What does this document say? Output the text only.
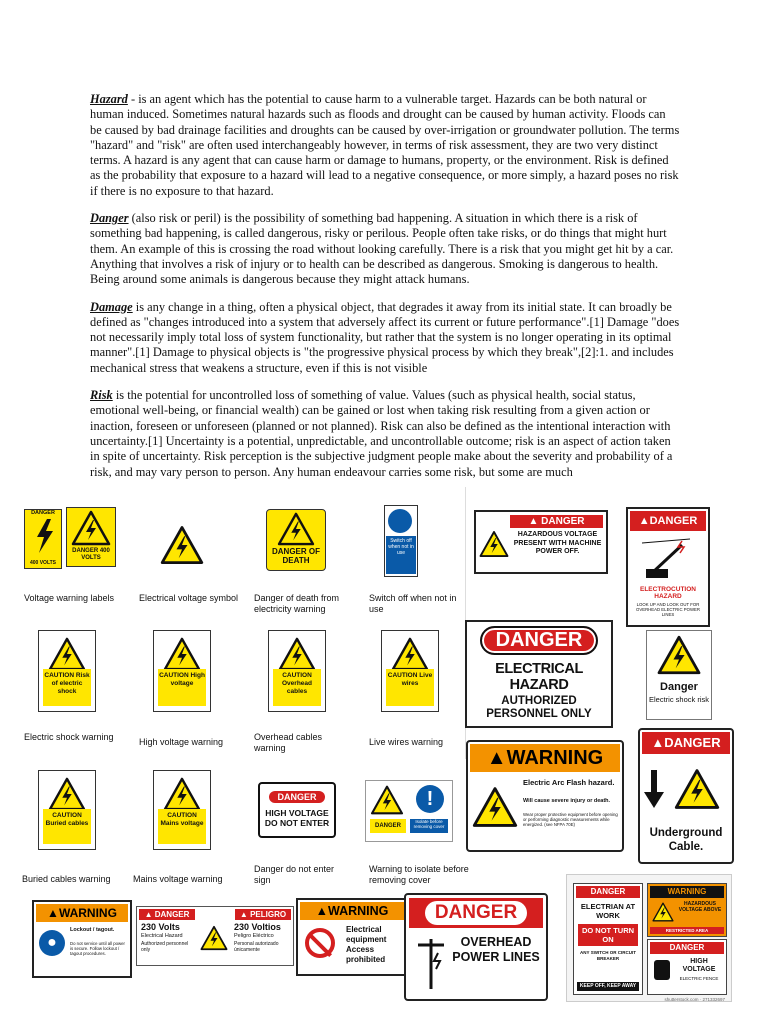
Hazard - is an agent which has the potential to cause harm to a vulnerable target. Hazards can be both natural or human induced. Sometimes natural hazards such as floods and drought can be caused by human activity. Floods can be caused by bad drainage facilities and droughts can be caused by over-irrigation or groundwater pollution. The terms "hazard" and "risk" are often used interchangeably however, in terms of risk assessment, they are two very distinct terms. A hazard is any agent that can cause harm or damage to humans, property, or the environment. Risk is defined as the probability that exposure to a hazard will lead to a negative consequence, or more simply, a hazard poses no risk if there is no exposure to that hazard.

Danger (also risk or peril) is the possibility of something bad happening. A situation in which there is a risk of something bad happening, is called dangerous, risky or perilous. People often take risks, or do things that might hurt them. An example of this is crossing the road without looking carefully. There is a risk that you might get hit by a car. Anything that involves a risk of injury or to health can be described as dangerous. Smoking is dangerous to health. Being around some animals is dangerous because they might attack humans.

Damage is any change in a thing, often a physical object, that degrades it away from its initial state. It can broadly be defined as "changes introduced into a system that adversely affect its current or future performance".[1] Damage "does not necessarily imply total loss of system functionality, but rather that the system is no longer operating in its optimal manner".[1] Damage to physical objects is "the progressive physical process by which they break",[2]:1. and includes mechanical stress that weakens a structure, even if this is not visible

Risk is the potential for uncontrolled loss of something of value. Values (such as physical health, social status, emotional well-being, or financial wealth) can be gained or lost when taking risk resulting from a given action or inaction, foreseen or unforeseen (planned or not planned). Risk can also be defined as the intentional interaction with uncertainty.[1] Uncertainty is a potential, unpredictable, and uncontrollable outcome; risk is an aspect of action taken in spite of uncertainty. Risk perception is the subjective judgment people make about the severity and probability of a risk, and may vary person to person. Any human endeavour carries some risk, but some are much

DANGER
400 VOLTS
DANGER 400 VOLTS
Voltage warning labels	Electrical voltage symbol
DANGER OF DEATH
Danger of death from electricity warning
Switch off when not in use
Switch off when not in use
CAUTION Risk of electric shock
Electric shock warning
CAUTION High voltage
High voltage warning
CAUTION Overhead cables
Overhead cables warning
CAUTION Live wires
Live wires warning
CAUTION Buried cables
Buried cables warning
CAUTION Mains voltage
Mains voltage warning
DANGER
HIGH VOLTAGE
DO NOT ENTER
Danger do not enter sign
!
DANGER
Isolate before removing cover
Warning to isolate before removing cover
▲ DANGER
HAZARDOUS VOLTAGE PRESENT WITH MACHINE POWER OFF.
▲DANGER
ELECTROCUTION HAZARD
LOOK UP AND LOOK OUT FOR OVERHEAD ELECTRIC POWER LINES
DANGER
ELECTRICAL HAZARD
AUTHORIZED
PERSONNEL ONLY
Danger
Electric shock risk
▲WARNING
Electric Arc Flash hazard.
Will cause severe injury or death.
Wear proper protective equipment before opening or performing diagnostic measurements while energized. (see NFPA 70E)
▲DANGER
Underground
Cable.
▲WARNING
●
Lockout / tagout.
Do not service until all power is secure. Follow lockout / tagout procedures.
▲ DANGER	▲ PELIGRO
230 Volts
Electrical Hazard
Authorized personnel only
230 Voltios
Peligro Eléctrico
Personal autorizado únicamente
▲WARNING
Electrical equipment Access prohibited
DANGER
OVERHEAD POWER LINES
DANGER
ELECTRIAN AT WORK
DO NOT TURN ON
ANY SWITCH OR CIRCUIT BREAKER
KEEP OFF, KEEP AWAY
WARNING
HAZARDOUS VOLTAGE ABOVE
RESTRICTED AREA
DANGER
HIGH VOLTAGE
ELECTRIC FENCE
shutterstock.com · 271332697
